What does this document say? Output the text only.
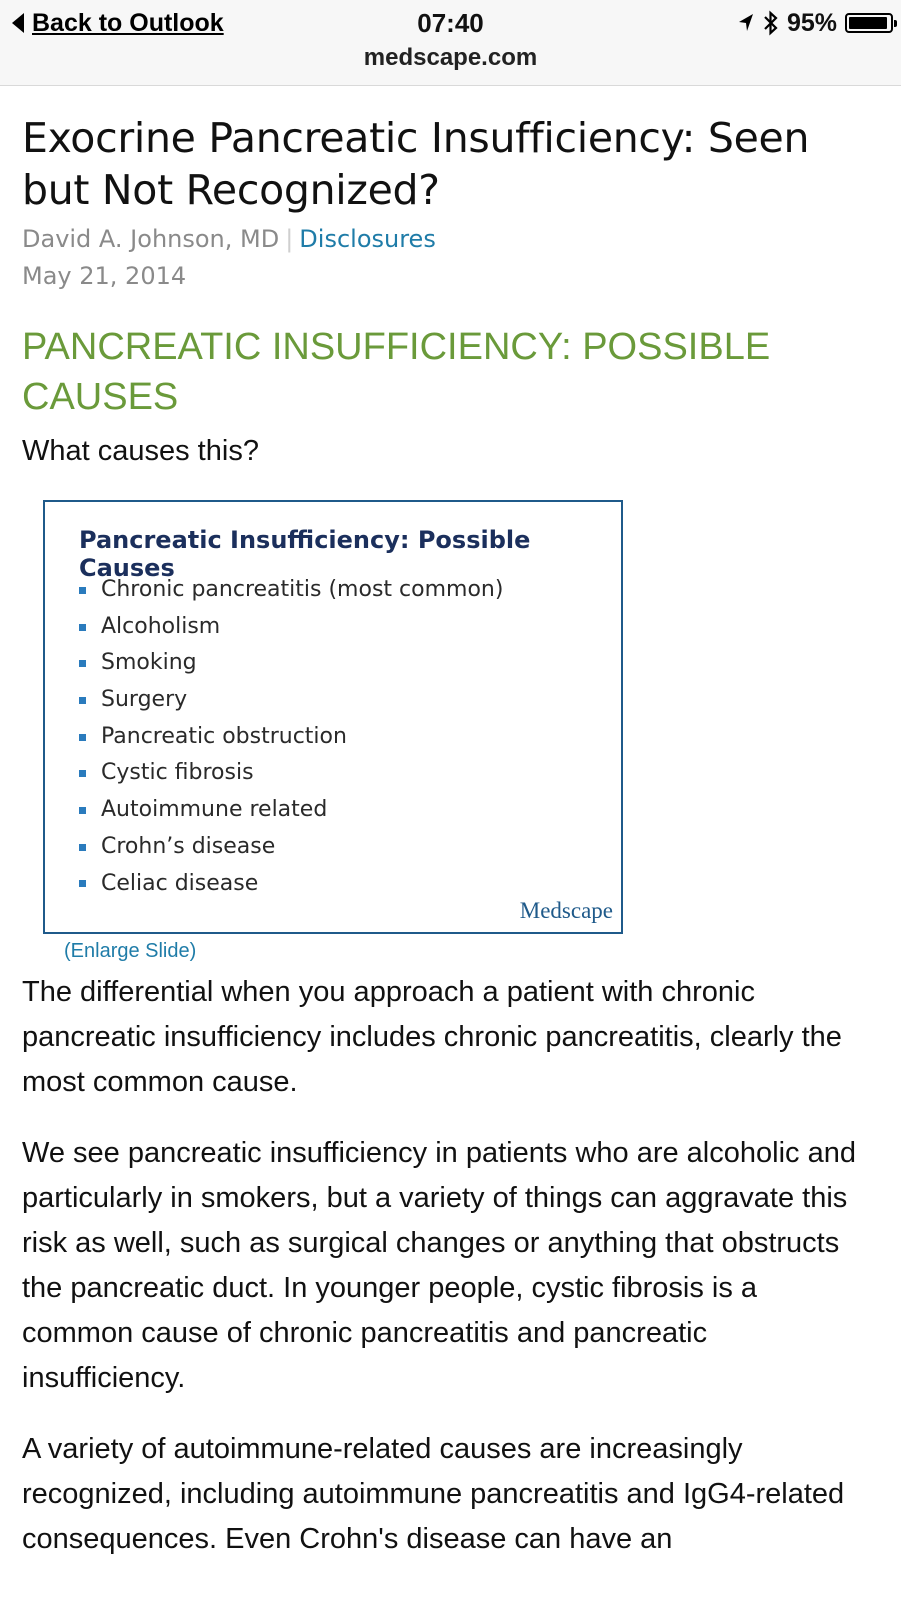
Back to Outlook	07:40
medscape.com
95%
Exocrine Pancreatic Insufficiency: Seen but Not Recognized?
David A. Johnson, MD | Disclosures
May 21, 2014
PANCREATIC INSUFFICIENCY: POSSIBLE CAUSES
What causes this?
Pancreatic Insufficiency: Possible Causes
Chronic pancreatitis (most common)
Alcoholism
Smoking
Surgery
Pancreatic obstruction
Cystic fibrosis
Autoimmune related
Crohn’s disease
Celiac disease
Medscape
(Enlarge Slide)

The differential when you approach a patient with chronic pancreatic insufficiency includes chronic pancreatitis, clearly the most common cause.

We see pancreatic insufficiency in patients who are alcoholic and particularly in smokers, but a variety of things can aggravate this risk as well, such as surgical changes or anything that obstructs the pancreatic duct. In younger people, cystic fibrosis is a common cause of chronic pancreatitis and pancreatic insufficiency.

A variety of autoimmune-related causes are increasingly recognized, including autoimmune pancreatitis and IgG4-related consequences. Even Crohn's disease can have an
